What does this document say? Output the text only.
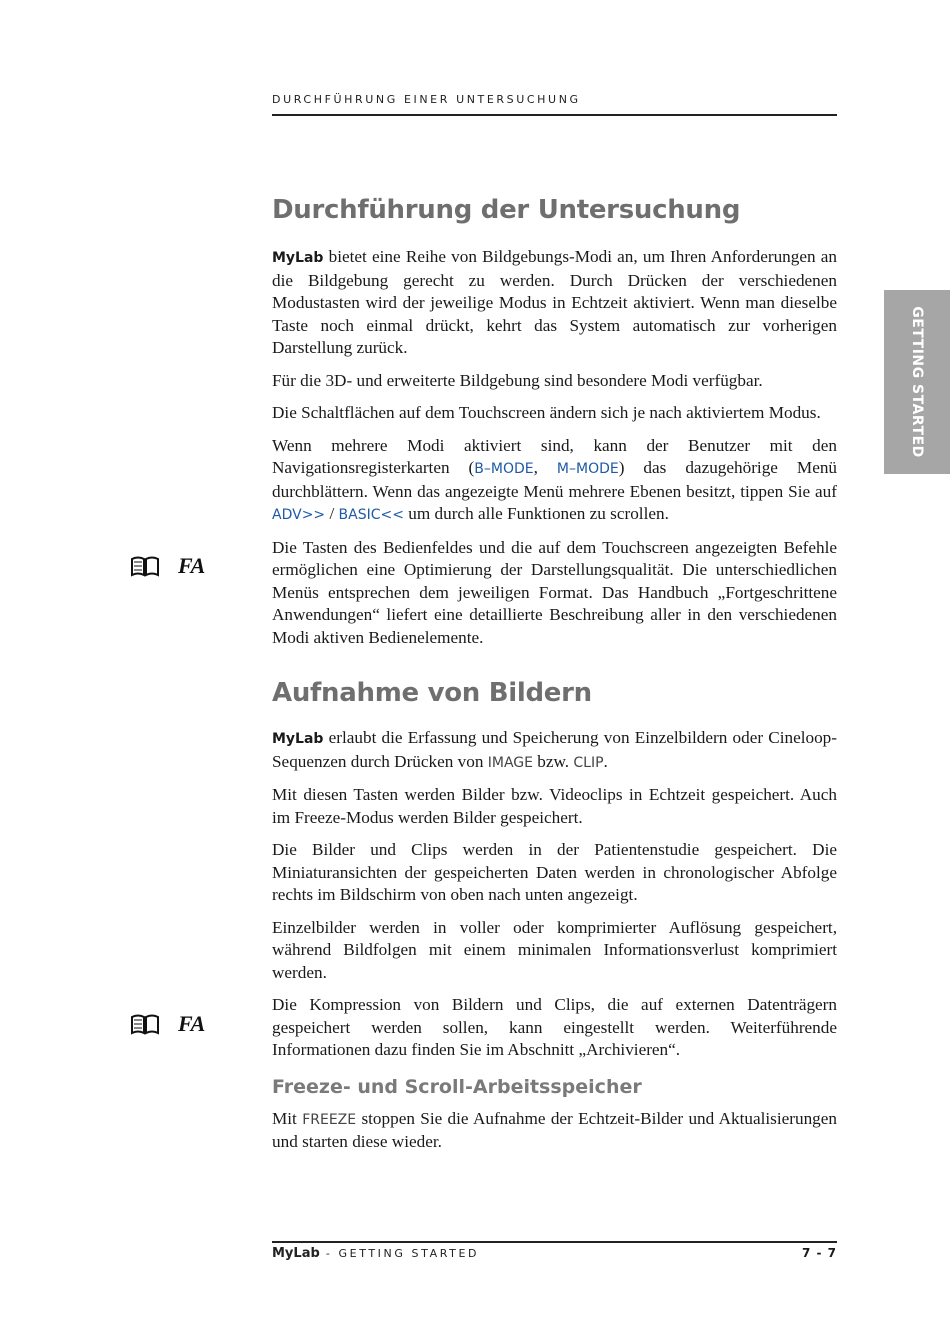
DURCHFÜHRUNG EINER UNTERSUCHUNG
GETTING STARTED
FA
FA
Durchführung der Untersuchung

MyLab bietet eine Reihe von Bildgebungs-Modi an, um Ihren Anforderungen an die Bildgebung gerecht zu werden. Durch Drücken der verschiedenen Modustasten wird der jeweilige Modus in Echtzeit aktiviert. Wenn man dieselbe Taste noch einmal drückt, kehrt das System automatisch zur vorherigen Darstellung zurück.

Für die 3D- und erweiterte Bildgebung sind besondere Modi verfügbar.

Die Schaltflächen auf dem Touchscreen ändern sich je nach aktiviertem Modus.

Wenn mehrere Modi aktiviert sind, kann der Benutzer mit den Navigationsregisterkarten (B–MODE, M–MODE) das dazugehörige Menü durchblättern. Wenn das angezeigte Menü mehrere Ebenen besitzt, tippen Sie auf ADV>> / BASIC<< um durch alle Funktionen zu scrollen.

Die Tasten des Bedienfeldes und die auf dem Touchscreen angezeigten Befehle ermöglichen eine Optimierung der Darstellungsqualität. Die unterschiedlichen Menüs entsprechen dem jeweiligen Format. Das Handbuch „Fortgeschrittene Anwendungen“ liefert eine detaillierte Beschreibung aller in den verschiedenen Modi aktiven Bedienelemente.

Aufnahme von Bildern

MyLab erlaubt die Erfassung und Speicherung von Einzelbildern oder Cineloop-Sequenzen durch Drücken von IMAGE bzw. CLIP.

Mit diesen Tasten werden Bilder bzw. Videoclips in Echtzeit gespeichert. Auch im Freeze-Modus werden Bilder gespeichert.

Die Bilder und Clips werden in der Patientenstudie gespeichert. Die Miniaturansichten der gespeicherten Daten werden in chronologischer Abfolge rechts im Bildschirm von oben nach unten angezeigt.

Einzelbilder werden in voller oder komprimierter Auflösung gespeichert, während Bildfolgen mit einem minimalen Informationsverlust komprimiert werden.

Die Kompression von Bildern und Clips, die auf externen Datenträgern gespeichert werden sollen, kann eingestellt werden. Weiterführende Informationen dazu finden Sie im Abschnitt „Archivieren“.

Freeze- und Scroll-Arbeitsspeicher

Mit FREEZE stoppen Sie die Aufnahme der Echtzeit-Bilder und Aktualisierungen und starten diese wieder.

MyLab - GETTING STARTED	7 - 7
